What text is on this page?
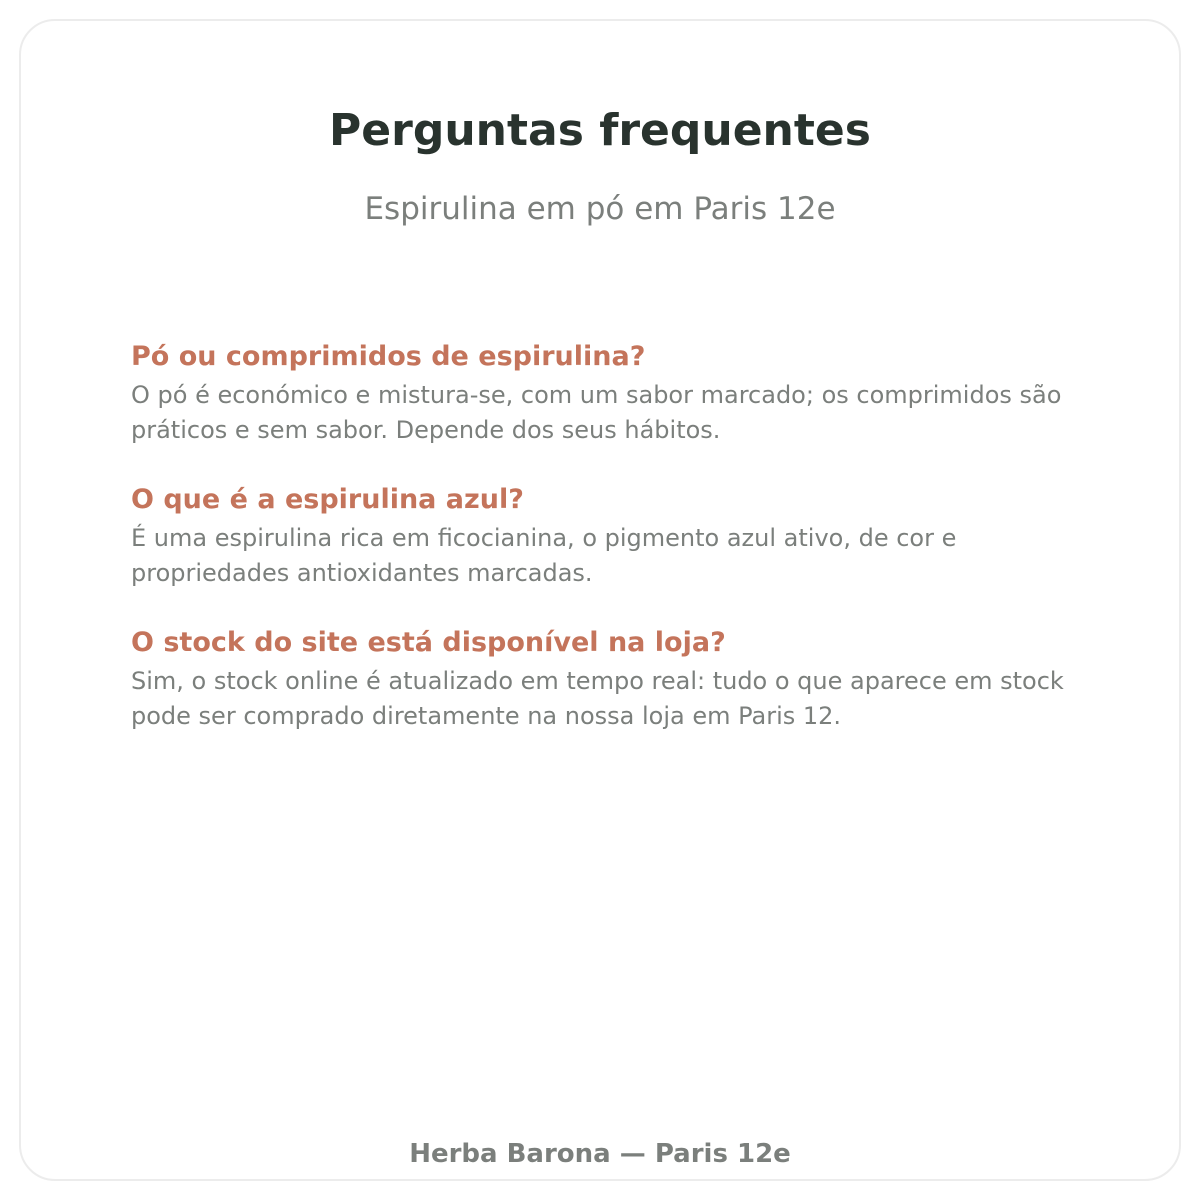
Perguntas frequentes

Espirulina em pó em Paris 12e

Pó ou comprimidos de espirulina?

O pó é económico e mistura-se, com um sabor marcado; os comprimidos são práticos e sem sabor. Depende dos seus hábitos.

O que é a espirulina azul?

É uma espirulina rica em ficocianina, o pigmento azul ativo, de cor e propriedades antioxidantes marcadas.

O stock do site está disponível na loja?

Sim, o stock online é atualizado em tempo real: tudo o que aparece em stock pode ser comprado diretamente na nossa loja em Paris 12.

Herba Barona — Paris 12e
